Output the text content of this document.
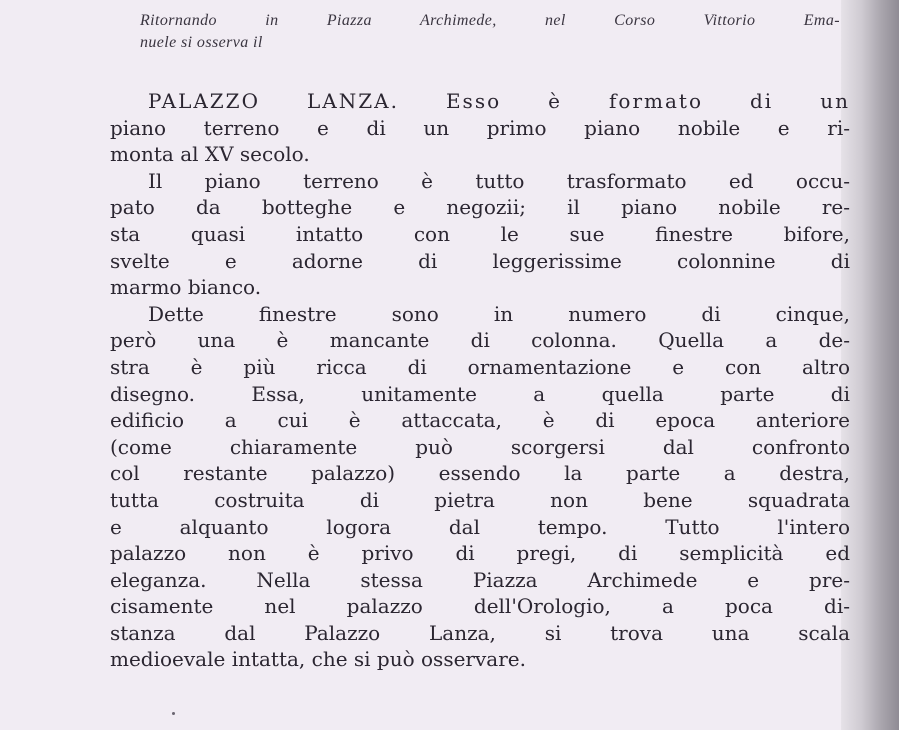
Ritornando in Piazza Archimede, nel Corso Vittorio Ema-
nuele si osserva il

PALAZZO LANZA. Esso è formato di un
piano terreno e di un primo piano nobile e ri-
monta al XV secolo.
Il piano terreno è tutto trasformato ed occu-
pato da botteghe e negozii; il piano nobile re-
sta quasi intatto con le sue finestre bifore,
svelte e adorne di leggerissime colonnine di
marmo bianco.
Dette finestre sono in numero di cinque,
però una è mancante di colonna. Quella a de-
stra è più ricca di ornamentazione e con altro
disegno. Essa, unitamente a quella parte di
edificio a cui è attaccata, è di epoca anteriore
(come chiaramente può scorgersi dal confronto
col restante palazzo) essendo la parte a destra,
tutta costruita di pietra non bene squadrata
e alquanto logora dal tempo. Tutto l'intero
palazzo non è privo di pregi, di semplicità ed
eleganza. Nella stessa Piazza Archimede e pre-
cisamente nel palazzo dell'Orologio, a poca di-
stanza dal Palazzo Lanza, si trova una scala
medioevale intatta, che si può osservare.
